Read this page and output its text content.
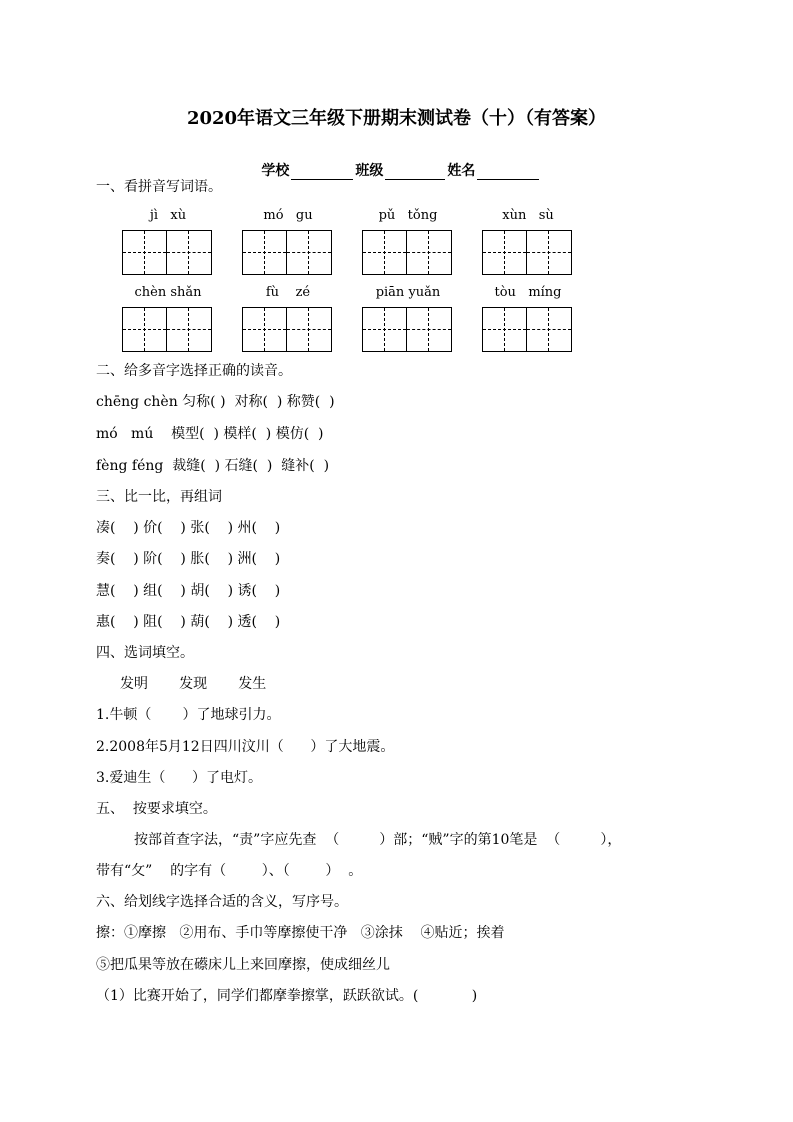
2020年语文三年级下册期末测试卷（十）（有答案）

学校	班级	姓名

一、看拼音写词语。
jì   xù	mó   gu	pǔ   tǒng	xùn   sù
chèn shǎn	fù    zé	piān yuǎn	tòu   míng
二、给多音字选择正确的读音。
chēng chèn 匀称( )  对称(  ) 称赞(  )
mó   mú    模型(  ) 模样(  ) 模仿(  )
fèng féng  裁缝(  ) 石缝(  )  缝补(  )
三、比一比，再组词
凑(    ) 价(    ) 张(    ) 州(    )
奏(    ) 阶(    ) 胀(    ) 洲(    )
慧(    ) 组(    ) 胡(    ) 诱(    )
惠(    ) 阻(    ) 葫(    ) 透(    )
四、选词填空。
发明       发现       发生
1.牛顿（       ）了地球引力。
2.2008年5月12日四川汶川（      ）了大地震。
3.爱迪生（      ）了电灯。
五、  按要求填空。
按部首查字法，“责”字应先查  （         ）部；“贼”字的第10笔是  （         ），
带有“攵”    的字有（        ）、（        ）  。
六、给划线字选择合适的含义，写序号。
擦：①摩擦   ②用布、手巾等摩擦使干净   ③涂抹    ④贴近；挨着
⑤把瓜果等放在礤床儿上来回摩擦，使成细丝儿
（1）比赛开始了，同学们都摩拳擦掌，跃跃欲试。(            )
